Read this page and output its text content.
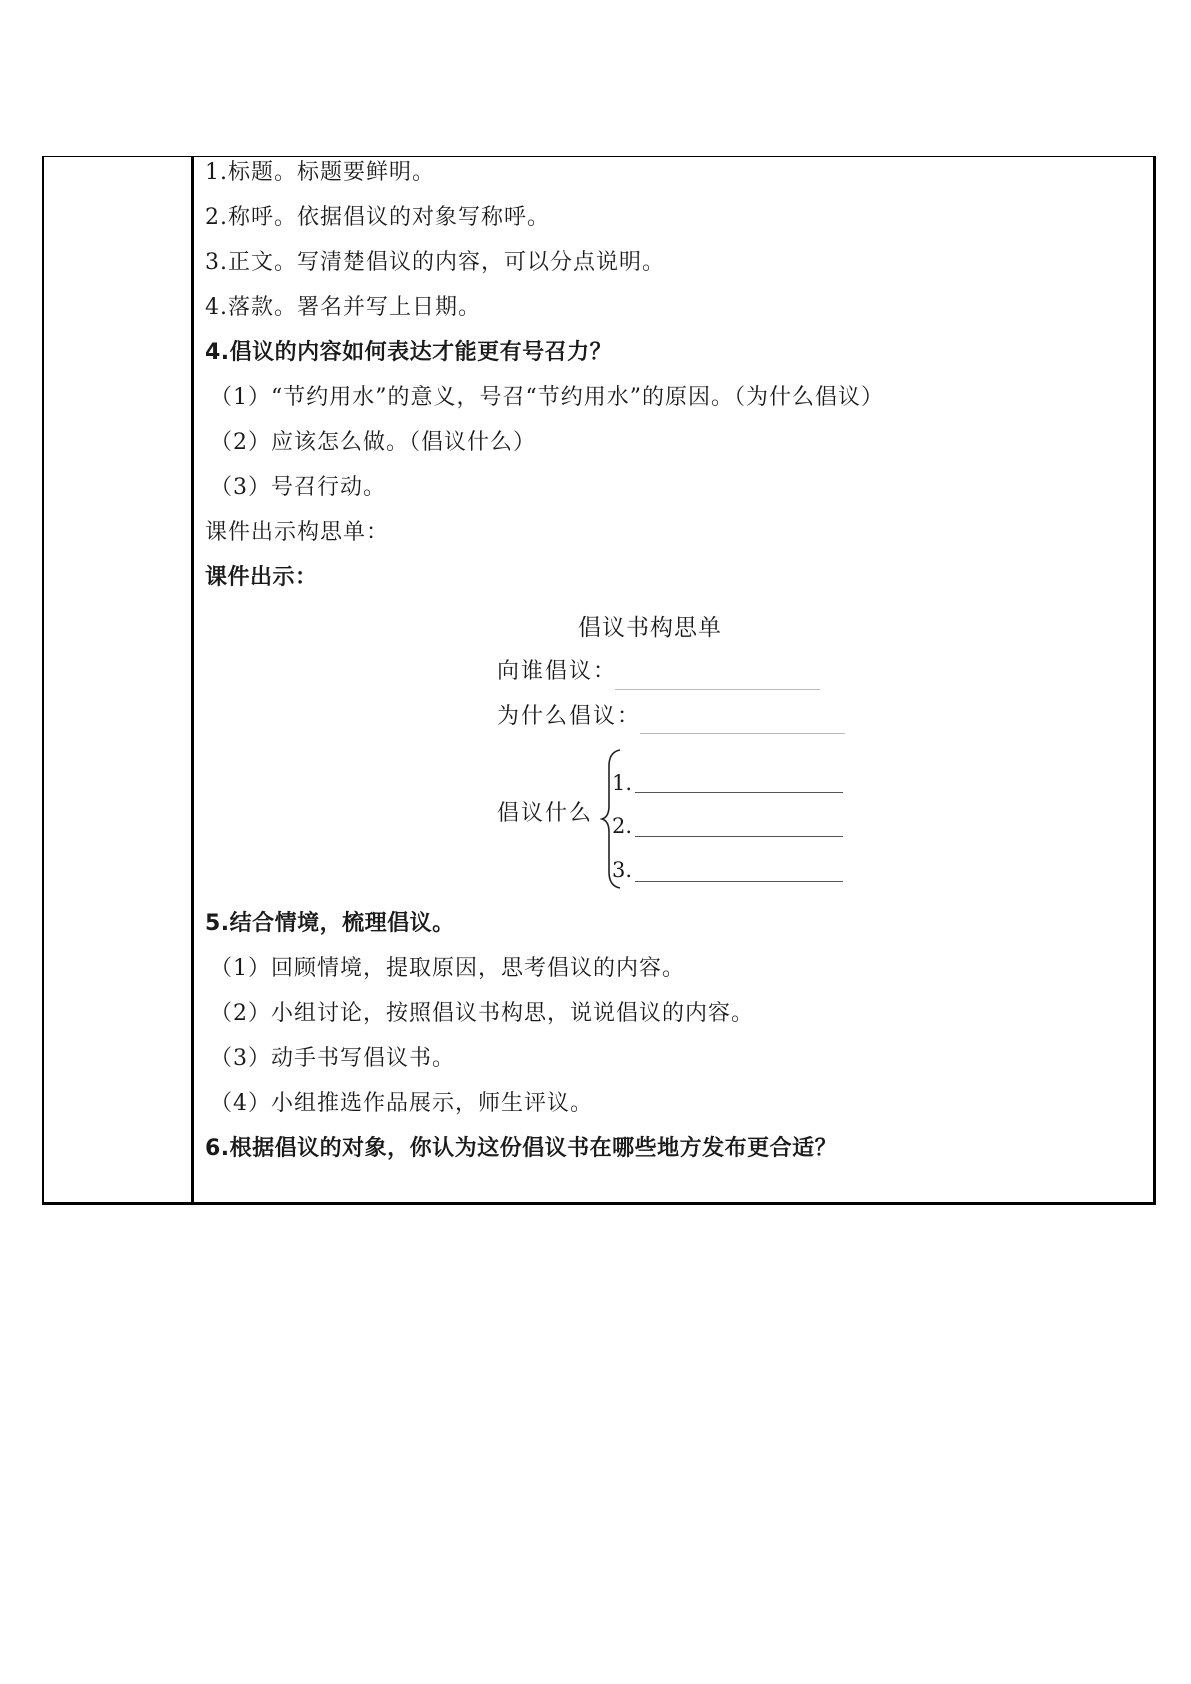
1.标题。标题要鲜明。
2.称呼。依据倡议的对象写称呼。
3.正文。写清楚倡议的内容，可以分点说明。
4.落款。署名并写上日期。
4.倡议的内容如何表达才能更有号召力？
（1）“节约用水”的意义，号召“节约用水”的原因。（为什么倡议）
（2）应该怎么做。（倡议什么）
（3）号召行动。
课件出示构思单：
课件出示：
倡议书构思单
向谁倡议：
为什么倡议：
倡议什么
1.
2.
3.
5.结合情境，梳理倡议。
（1）回顾情境，提取原因，思考倡议的内容。
（2）小组讨论，按照倡议书构思，说说倡议的内容。
（3）动手书写倡议书。
（4）小组推选作品展示，师生评议。
6.根据倡议的对象，你认为这份倡议书在哪些地方发布更合适？
